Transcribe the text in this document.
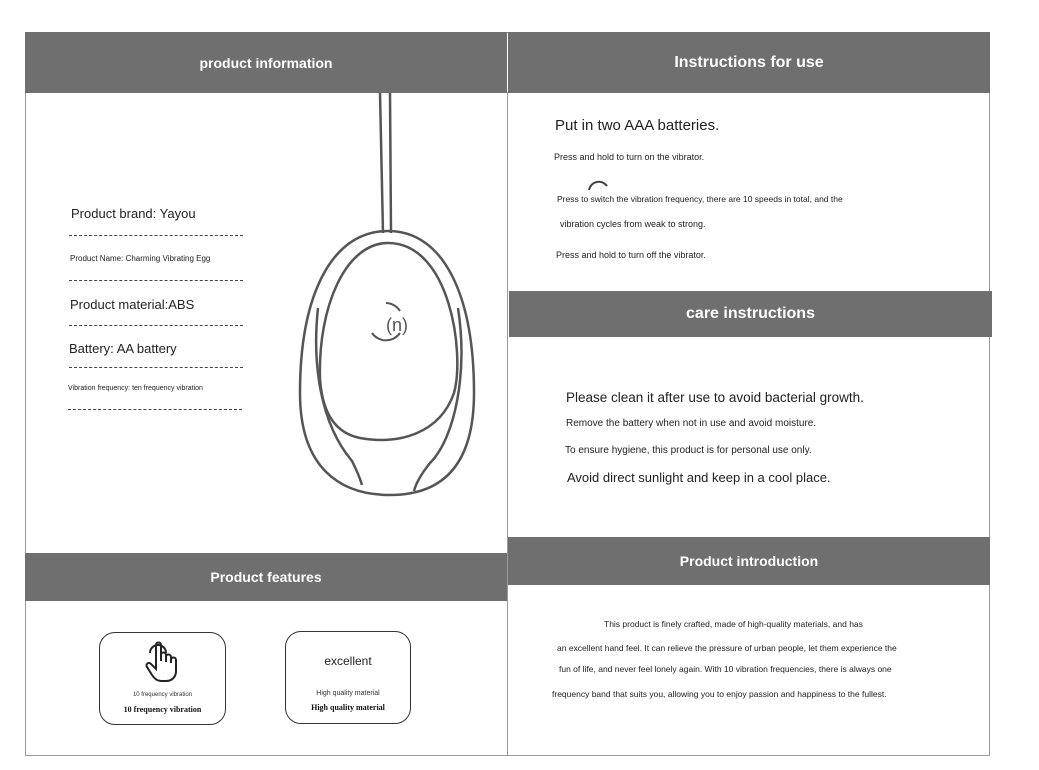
product information
Product brand: Yayou
Product Name: Charming Vibrating Egg
Product material:ABS
Battery: AA battery
Vibration frequency: ten frequency vibration
(n)
Instructions for use
Put in two AAA batteries.
Press and hold to turn on the vibrator.
Press to switch the vibration frequency, there are 10 speeds in total, and the
vibration cycles from weak to strong.
Press and hold to turn off the vibrator.
care instructions
Please clean it after use to avoid bacterial growth.
Remove the battery when not in use and avoid moisture.
To ensure hygiene, this product is for personal use only.
Avoid direct sunlight and keep in a cool place.
Product introduction
This product is finely crafted, made of high-quality materials, and has
an excellent hand feel. It can relieve the pressure of urban people, let them experience the
fun of life, and never feel lonely again. With 10 vibration frequencies, there is always one
frequency band that suits you, allowing you to enjoy passion and happiness to the fullest.
Product features
10 frequency vibration
10 frequency vibration
excellent
High quality material
High quality material
